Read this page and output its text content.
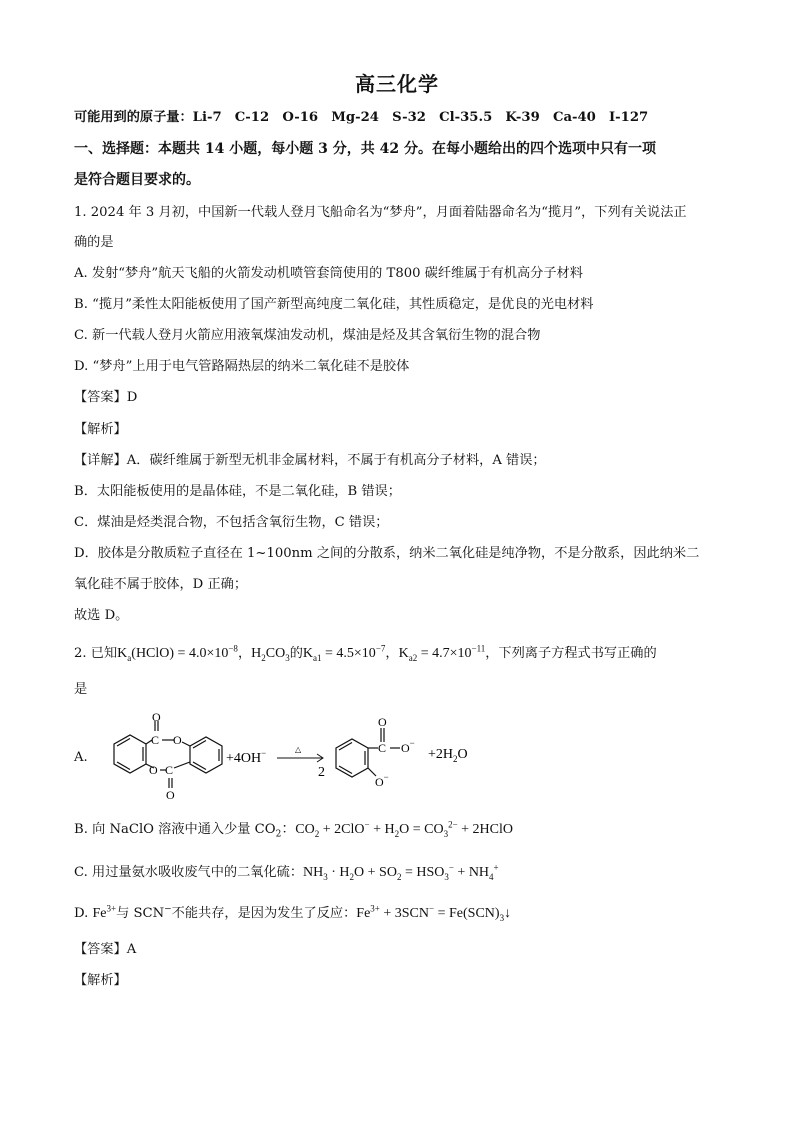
高三化学
可能用到的原子量：Li-7　C-12　O-16　Mg-24　S-32　Cl-35.5　K-39　Ca-40　I-127
一、选择题：本题共 14 小题，每小题 3 分，共 42 分。在每小题给出的四个选项中只有一项
是符合题目要求的。
1. 2024 年 3 月初，中国新一代载人登月飞船命名为“梦舟”，月面着陆器命名为“揽月”，下列有关说法正
确的是
A. 发射“梦舟”航天飞船的火箭发动机喷管套筒使用的 T800 碳纤维属于有机高分子材料
B. “揽月”柔性太阳能板使用了国产新型高纯度二氧化硅，其性质稳定，是优良的光电材料
C. 新一代载人登月火箭应用液氧煤油发动机，煤油是烃及其含氧衍生物的混合物
D. “梦舟”上用于电气管路隔热层的纳米二氧化硅不是胶体
【答案】D
【解析】
【详解】A．碳纤维属于新型无机非金属材料，不属于有机高分子材料，A 错误；
B．太阳能板使用的是晶体硅，不是二氧化硅，B 错误；
C．煤油是烃类混合物，不包括含氧衍生物，C 错误；
D．胶体是分散质粒子直径在 1~100nm 之间的分散系，纳米二氧化硅是纯净物，不是分散系，因此纳米二
氧化硅不属于胶体，D 正确；
故选 D。
2. 已知$K_a(HClO) = 4.0\times 10^{-8}$，$H_2CO_3$的$K_{a1} = 4.5\times 10^{-7}$，$K_{a2} = 4.7\times 10^{-11}$，下列离子方程式书写正确的
是
A.
C
O
O
O C
O
+4OH−	△
2
O
C O−
O−
$+2H_2O$
B. 向 NaClO 溶液中通入少量 $CO_2$：$CO_2 + 2ClO^- + H_2O = CO_3^{2-}$ + 2HClO
C. 用过量氨水吸收废气中的二氧化硫：$NH_3 \cdot H_2O + SO_2 = HSO_3^- + NH_4^+$
D. $Fe^{3+}$与 SCN−不能共存，是因为发生了反应：$Fe^{3+} + 3SCN^-$ = $Fe(SCN)_3↓$
【答案】A
【解析】
